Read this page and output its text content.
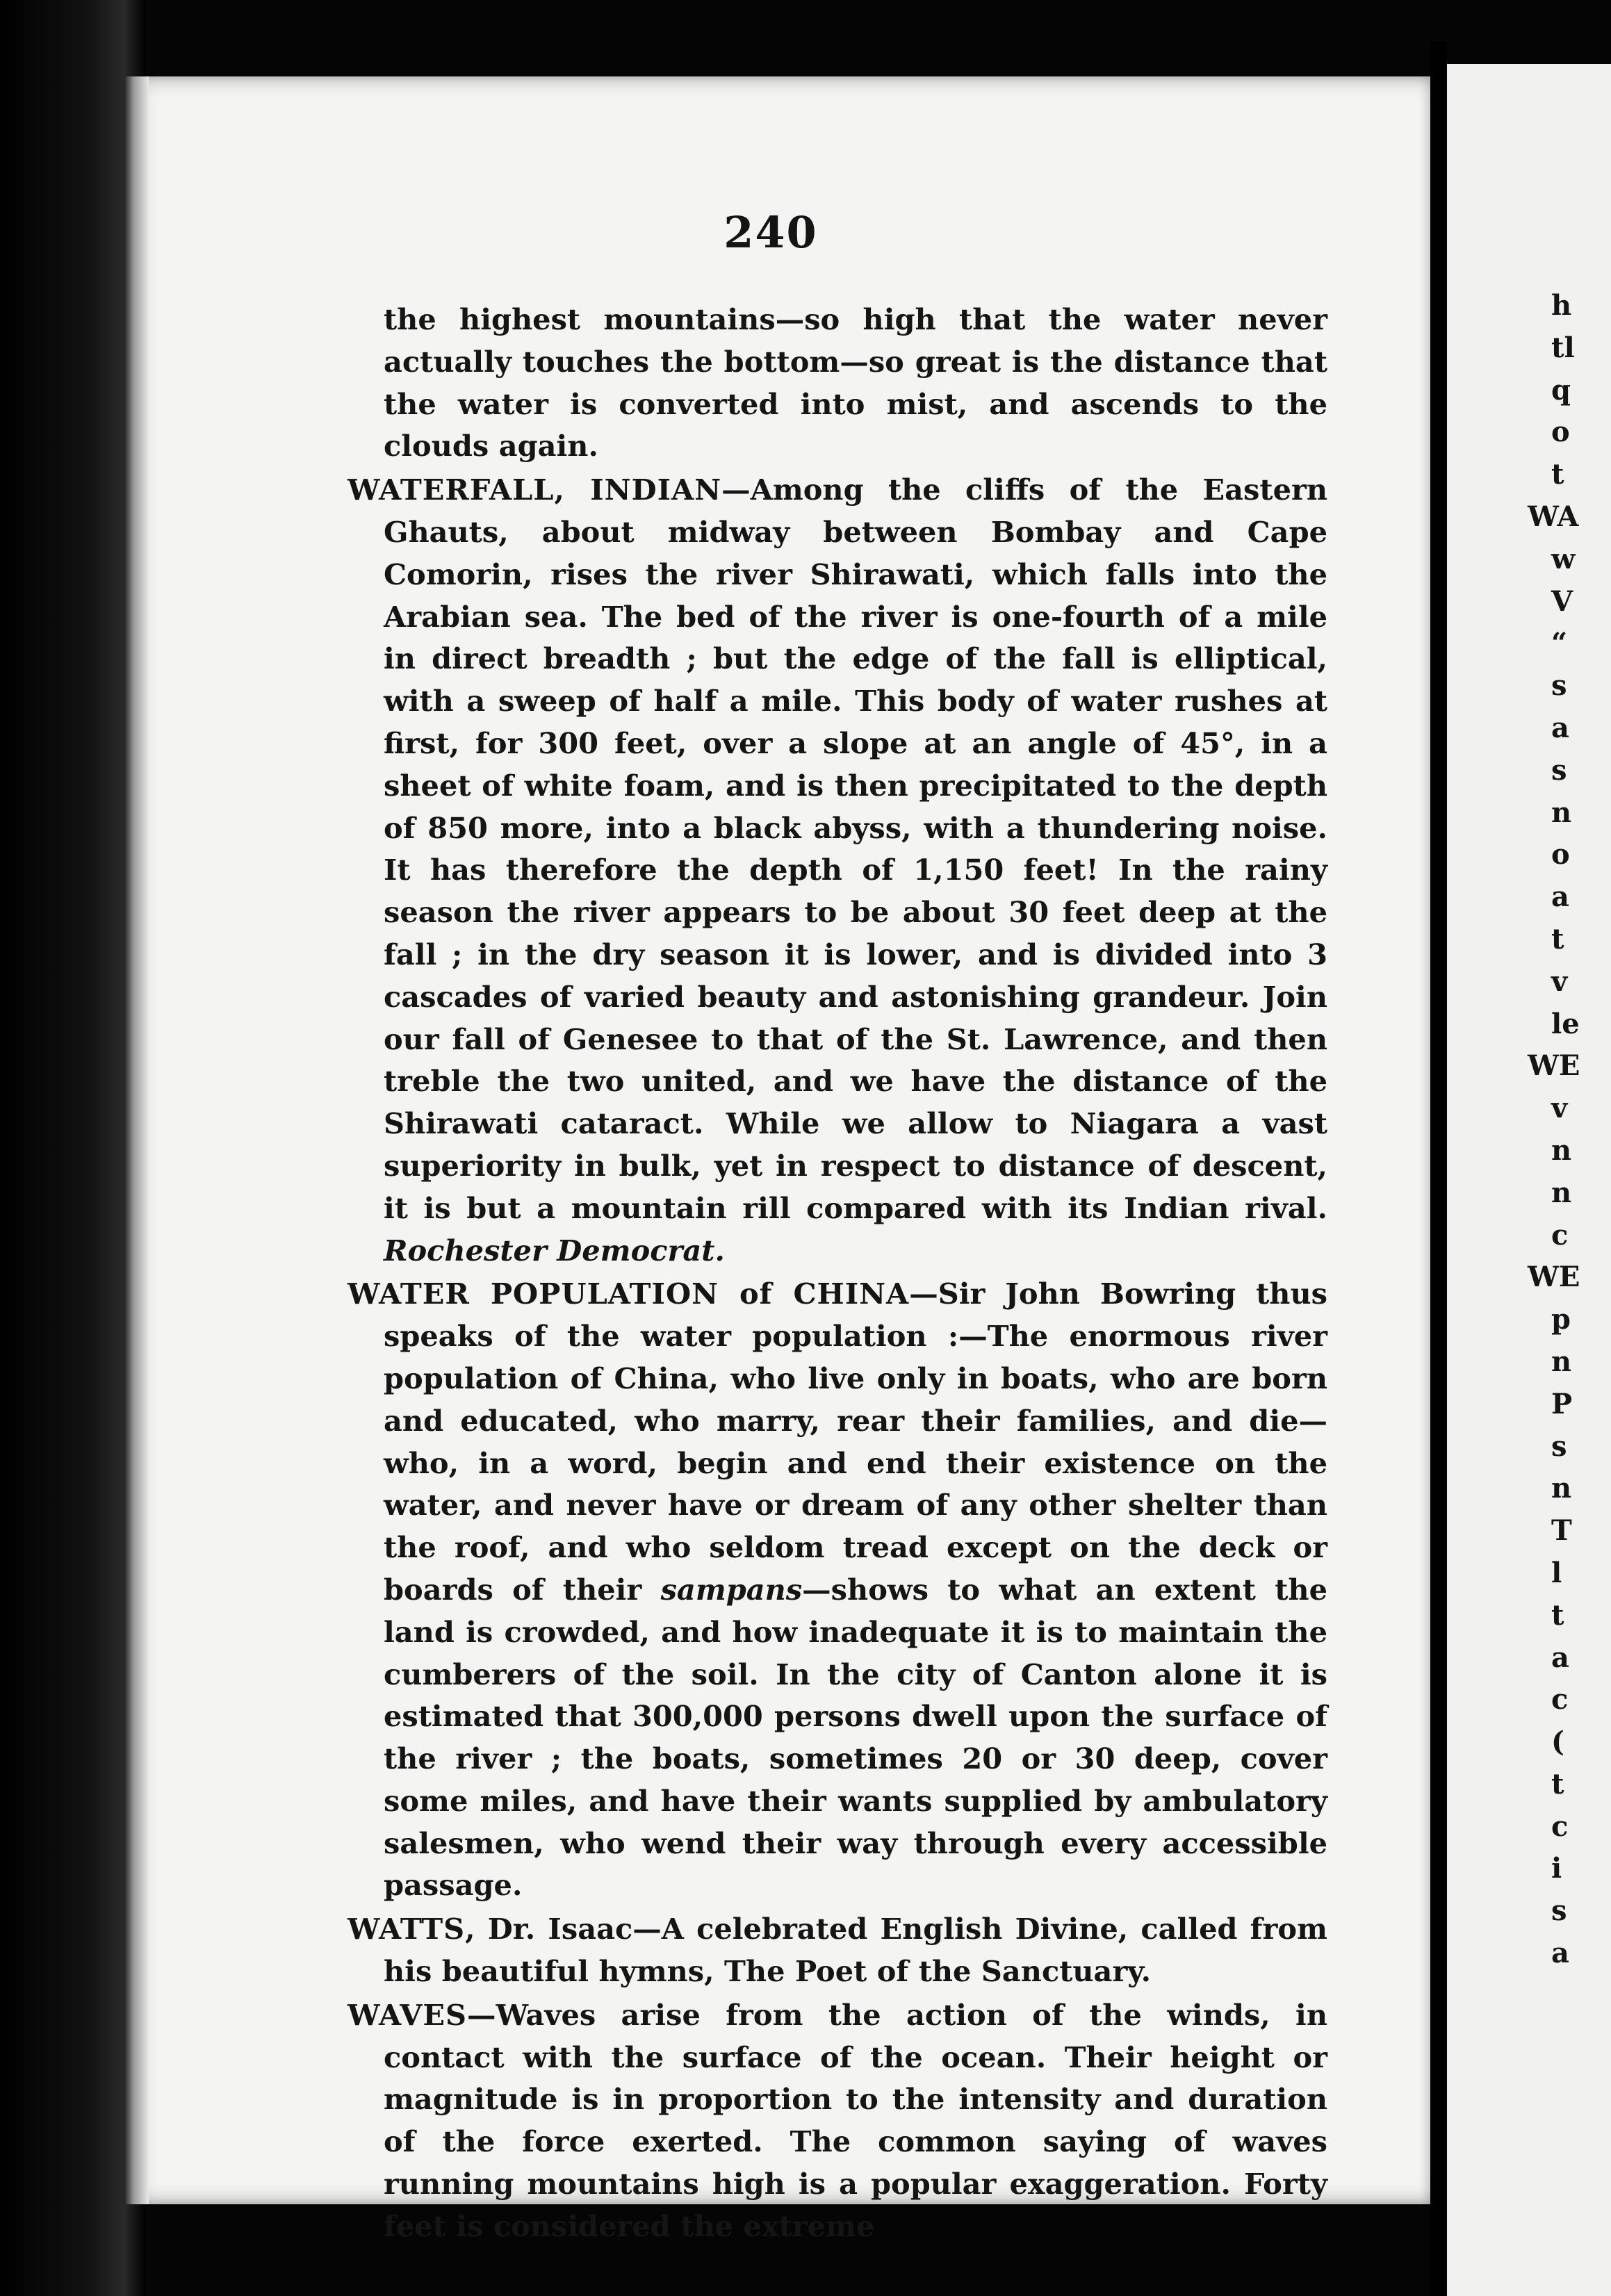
240

the highest mountains—so high that the water never actually touches the bottom—so great is the distance that the water is converted into mist, and ascends to the clouds again.

WATERFALL, INDIAN—Among the cliffs of the Eastern Ghauts, about midway between Bombay and Cape Comorin, rises the river Shirawati, which falls into the Arabian sea. The bed of the river is one-fourth of a mile in direct breadth ; but the edge of the fall is elliptical, with a sweep of half a mile. This body of water rushes at first, for 300 feet, over a slope at an angle of 45°, in a sheet of white foam, and is then precipitated to the depth of 850 more, into a black abyss, with a thundering noise. It has therefore the depth of 1,150 feet! In the rainy season the river appears to be about 30 feet deep at the fall ; in the dry season it is lower, and is divided into 3 cascades of varied beauty and astonishing grandeur. Join our fall of Genesee to that of the St. Lawrence, and then treble the two united, and we have the distance of the Shirawati cataract. While we allow to Niagara a vast superiority in bulk, yet in respect to distance of descent, it is but a mountain rill compared with its Indian rival. Rochester Democrat.

WATER POPULATION of CHINA—Sir John Bowring thus speaks of the water population :—The enormous river population of China, who live only in boats, who are born and educated, who marry, rear their families, and die—who, in a word, begin and end their existence on the water, and never have or dream of any other shelter than the roof, and who seldom tread except on the deck or boards of their sampans—shows to what an extent the land is crowded, and how inadequate it is to maintain the cumberers of the soil. In the city of Canton alone it is estimated that 300,000 persons dwell upon the surface of the river ; the boats, sometimes 20 or 30 deep, cover some miles, and have their wants supplied by ambulatory salesmen, who wend their way through every accessible passage.

WATTS, Dr. Isaac—A celebrated English Divine, called from his beautiful hymns, The Poet of the Sanctuary.

WAVES—Waves arise from the action of the winds, in contact with the surface of the ocean. Their height or magnitude is in proportion to the intensity and duration of the force exerted. The common saying of waves running mountains high is a popular exaggeration. Forty feet is considered the extreme

h
tl
q
o
t
WA
w
V
“
s
a
s
n
o
a
t
v
le
WE
v
n
n
c
WE
p
n
P
s
n
T
l
t
a
c
(
t
c
i
s
a
